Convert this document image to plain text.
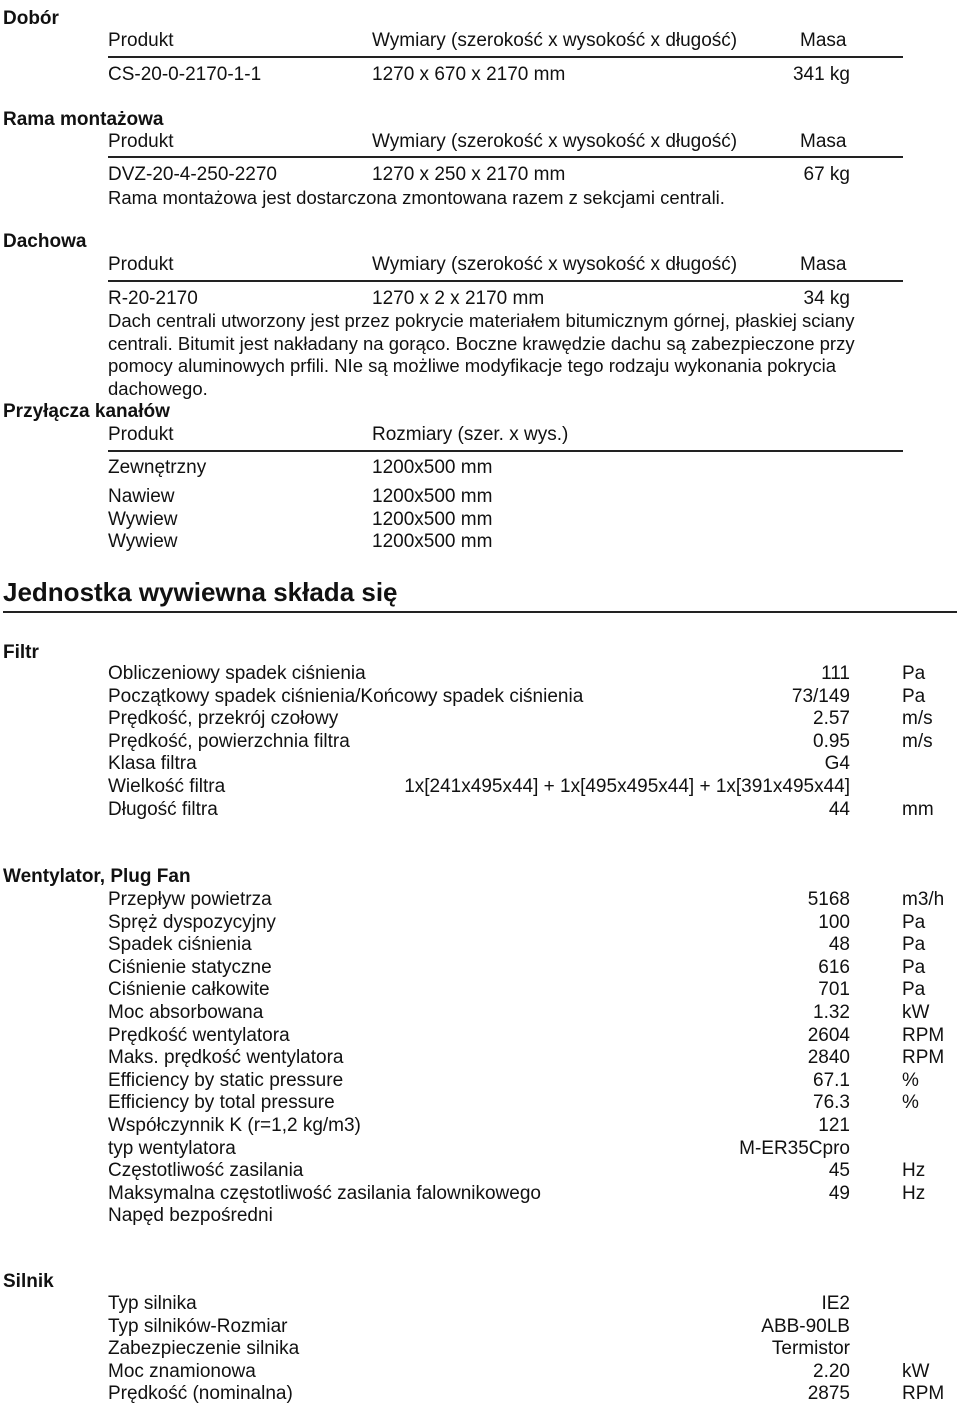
Dobór
Produkt	Wymiary (szerokość x wysokość x długość)	Masa
CS-20-0-2170-1-1	1270 x 670 x 2170 mm	341 kg
Rama montażowa
Produkt	Wymiary (szerokość x wysokość x długość)	Masa
DVZ-20-4-250-2270	1270 x 250 x 2170 mm	67 kg
Rama montażowa jest dostarczona zmontowana razem z sekcjami centrali.
Dachowa
Produkt	Wymiary (szerokość x wysokość x długość)	Masa
R-20-2170	1270 x 2 x 2170 mm	34 kg
Dach centrali utworzony jest przez pokrycie materiałem bitumicznym górnej, płaskiej sciany centrali. Bitumit jest nakładany na gorąco. Boczne krawędzie dachu są zabezpieczone przy pomocy aluminowych prfili. NIe są możliwe modyfikacje tego rodzaju wykonania pokrycia dachowego.
Przyłącza kanałów
Produkt	Rozmiary (szer. x wys.)
Zewnętrzny	1200x500 mm
Nawiew	1200x500 mm
Wywiew	1200x500 mm
Wywiew	1200x500 mm
Jednostka wywiewna składa się
Filtr
Obliczeniowy spadek ciśnienia	111	Pa
Początkowy spadek ciśnienia/Końcowy spadek ciśnienia	73/149	Pa
Prędkość, przekrój czołowy	2.57	m/s
Prędkość, powierzchnia filtra	0.95	m/s
Klasa filtra	G4
Wielkość filtra	1x[241x495x44] + 1x[495x495x44] + 1x[391x495x44]
Długość filtra	44	mm
Wentylator, Plug Fan
Przepływ powietrza	5168	m3/h
Spręż dyspozycyjny	100	Pa
Spadek ciśnienia	48	Pa
Ciśnienie statyczne	616	Pa
Ciśnienie całkowite	701	Pa
Moc absorbowana	1.32	kW
Prędkość wentylatora	2604	RPM
Maks. prędkość wentylatora	2840	RPM
Efficiency by static pressure	67.1	%
Efficiency by total pressure	76.3	%
Współczynnik K (r=1,2 kg/m3)	121
typ wentylatora	M-ER35Cpro
Częstotliwość zasilania	45	Hz
Maksymalna częstotliwość zasilania falownikowego	49	Hz
Napęd bezpośredni
Silnik
Typ silnika	IE2
Typ silników-Rozmiar	ABB-90LB
Zabezpieczenie silnika	Termistor
Moc znamionowa	2.20	kW
Prędkość (nominalna)	2875	RPM
